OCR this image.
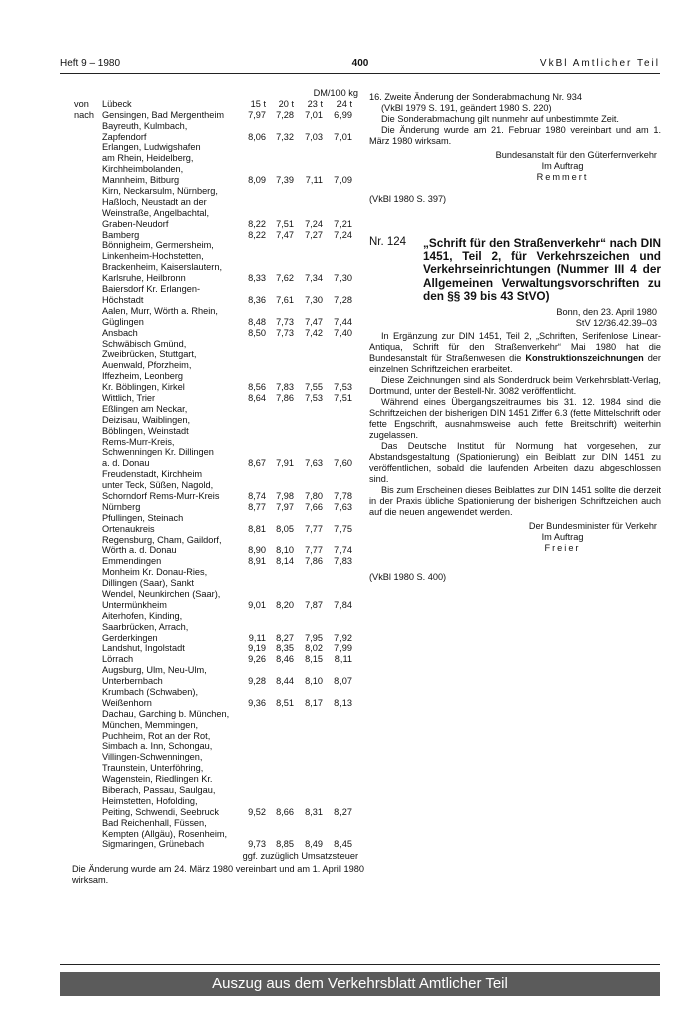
Heft 9 – 1980	400	VkBl Amtlicher Teil
DM/100 kg
von Lübeck	15 t	20 t	23 t	24 t
nach Gensingen, Bad Mergentheim	7,97	7,28	7,01	6,99
Bayreuth, Kulmbach,
Zapfendorf	8,06	7,32	7,03	7,01
Erlangen, Ludwigshafen
am Rhein, Heidelberg,
Kirchheimbolanden,
Mannheim, Bitburg	8,09	7,39	7,11	7,09
Kirn, Neckarsulm, Nürnberg,
Haßloch, Neustadt an der
Weinstraße, Angelbachtal,
Graben-Neudorf	8,22	7,51	7,24	7,21
Bamberg	8,22	7,47	7,27	7,24
Bönnigheim, Germersheim,
Linkenheim-Hochstetten,
Brackenheim, Kaiserslautern,
Karlsruhe, Heilbronn	8,33	7,62	7,34	7,30
Baiersdorf Kr. Erlangen-
Höchstadt	8,36	7,61	7,30	7,28
Aalen, Murr, Wörth a. Rhein,
Güglingen	8,48	7,73	7,47	7,44
Ansbach	8,50	7,73	7,42	7,40
Schwäbisch Gmünd,
Zweibrücken, Stuttgart,
Auenwald, Pforzheim,
Iffezheim, Leonberg
Kr. Böblingen, Kirkel	8,56	7,83	7,55	7,53
Wittlich, Trier	8,64	7,86	7,53	7,51
Eßlingen am Neckar,
Deizisau, Waiblingen,
Böblingen, Weinstadt
Rems-Murr-Kreis,
Schwenningen Kr. Dillingen
a. d. Donau	8,67	7,91	7,63	7,60
Freudenstadt, Kirchheim
unter Teck, Süßen, Nagold,
Schorndorf Rems-Murr-Kreis	8,74	7,98	7,80	7,78
Nürnberg	8,77	7,97	7,66	7,63
Pfullingen, Steinach
Ortenaukreis	8,81	8,05	7,77	7,75
Regensburg, Cham, Gaildorf,
Wörth a. d. Donau	8,90	8,10	7,77	7,74
Emmendingen	8,91	8,14	7,86	7,83
Monheim Kr. Donau-Ries,
Dillingen (Saar), Sankt
Wendel, Neunkirchen (Saar),
Untermünkheim	9,01	8,20	7,87	7,84
Aiterhofen, Kinding,
Saarbrücken, Arrach,
Gerderkingen	9,11	8,27	7,95	7,92
Landshut, Ingolstadt	9,19	8,35	8,02	7,99
Lörrach	9,26	8,46	8,15	8,11
Augsburg, Ulm, Neu-Ulm,
Unterbernbach	9,28	8,44	8,10	8,07
Krumbach (Schwaben),
Weißenhorn	9,36	8,51	8,17	8,13
Dachau, Garching b. München,
München, Memmingen,
Puchheim, Rot an der Rot,
Simbach a. Inn, Schongau,
Villingen-Schwenningen,
Traunstein, Unterföhring,
Wagenstein, Riedlingen Kr.
Biberach, Passau, Saulgau,
Heimstetten, Hofolding,
Peiting, Schwendi, Seebruck	9,52	8,66	8,31	8,27
Bad Reichenhall, Füssen,
Kempten (Allgäu), Rosenheim,
Sigmaringen, Grünebach	9,73	8,85	8,49	8,45
ggf. zuzüglich Umsatzsteuer
Die Änderung wurde am 24. März 1980 vereinbart und am 1. April 1980 wirksam.

16. Zweite Änderung der Sonderabmachung Nr. 934

(VkBl 1979 S. 191, geändert 1980 S. 220)

Die Sonderabmachung gilt nunmehr auf unbestimmte Zeit.

Die Änderung wurde am 21. Februar 1980 vereinbart und am 1. März 1980 wirksam.

Bundesanstalt für den Güterfernverkehr

Im Auftrag

Remmert

(VkBl 1980 S. 397)

Nr. 124 „Schrift für den Straßenverkehr“ nach DIN 1451, Teil 2, für Verkehrszeichen und Verkehrseinrichtungen (Nummer III 4 der Allgemeinen Verwaltungsvorschriften zu den §§ 39 bis 43 StVO)

Bonn, den 23. April 1980

StV 12/36.42.39–03

In Ergänzung zur DIN 1451, Teil 2, „Schriften, Serifenlose Linear-Antiqua, Schrift für den Straßenverkehr“ Mai 1980 hat die Bundesanstalt für Straßenwesen die Konstruktionszeichnungen der einzelnen Schriftzeichen erarbeitet.

Diese Zeichnungen sind als Sonderdruck beim Verkehrsblatt-Verlag, Dortmund, unter der Bestell-Nr. 3082 veröffentlicht.

Während eines Übergangszeitraumes bis 31. 12. 1984 sind die Schriftzeichen der bisherigen DIN 1451 Ziffer 6.3 (fette Mittelschrift oder fette Engschrift, ausnahmsweise auch fette Breitschrift) weiterhin zugelassen.

Das Deutsche Institut für Normung hat vorgesehen, zur Abstandsgestaltung (Spationierung) ein Beiblatt zur DIN 1451 zu veröffentlichen, sobald die laufenden Arbeiten dazu abgeschlossen sind.

Bis zum Erscheinen dieses Beiblattes zur DIN 1451 sollte die derzeit in der Praxis übliche Spationierung der bisherigen Schriftzeichen auch auf die neuen angewendet werden.

Der Bundesminister für Verkehr

Im Auftrag

Freier

(VkBl 1980 S. 400)

Auszug aus dem Verkehrsblatt Amtlicher Teil
